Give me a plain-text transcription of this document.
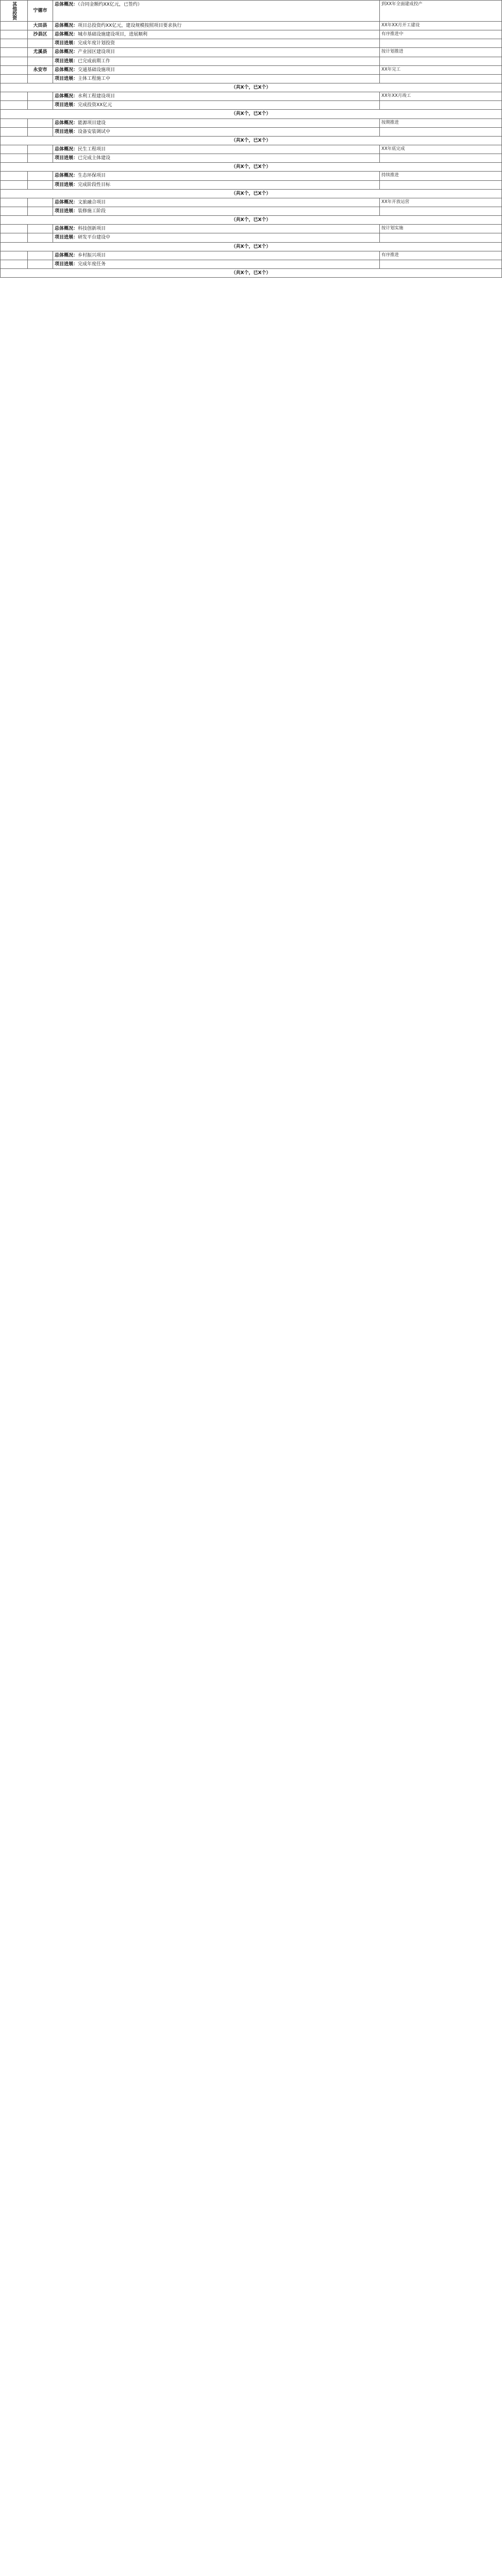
其他投资	宁德市	总体概况：（合同金额约XX亿元，已签约）	到XX年全面建成投产
	大田县	总体概况：项目总投资约XX亿元，建设规模按照项目要求执行	XX年XX月开工建设
	沙县区	总体概况：城市基础设施建设项目，进展顺利	有序推进中
		项目进展：完成年度计划投资	
	尤溪县	总体概况：产业园区建设项目	按计划推进
		项目进展：已完成前期工作	
	永安市	总体概况：交通基础设施项目	XX年完工
		项目进展：主体工程施工中	
（共X个，已X个）			
		总体概况：水利工程建设项目	XX年XX月竣工
		项目进展：完成投资XX亿元	
（共X个，已X个）			
		总体概况：能源项目建设	按期推进
		项目进展：设备安装调试中	
（共X个，已X个）			
		总体概况：民生工程项目	XX年底完成
		项目进展：已完成主体建设	
（共X个，已X个）			
		总体概况：生态环保项目	持续推进
		项目进展：完成阶段性目标	
（共X个，已X个）			
		总体概况：文旅融合项目	XX年开放运营
		项目进展：装修施工阶段	
（共X个，已X个）			
		总体概况：科技创新项目	按计划实施
		项目进展：研发平台建设中	
（共X个，已X个）			
		总体概况：乡村振兴项目	有序推进
		项目进展：完成年度任务	
（共X个，已X个）			
